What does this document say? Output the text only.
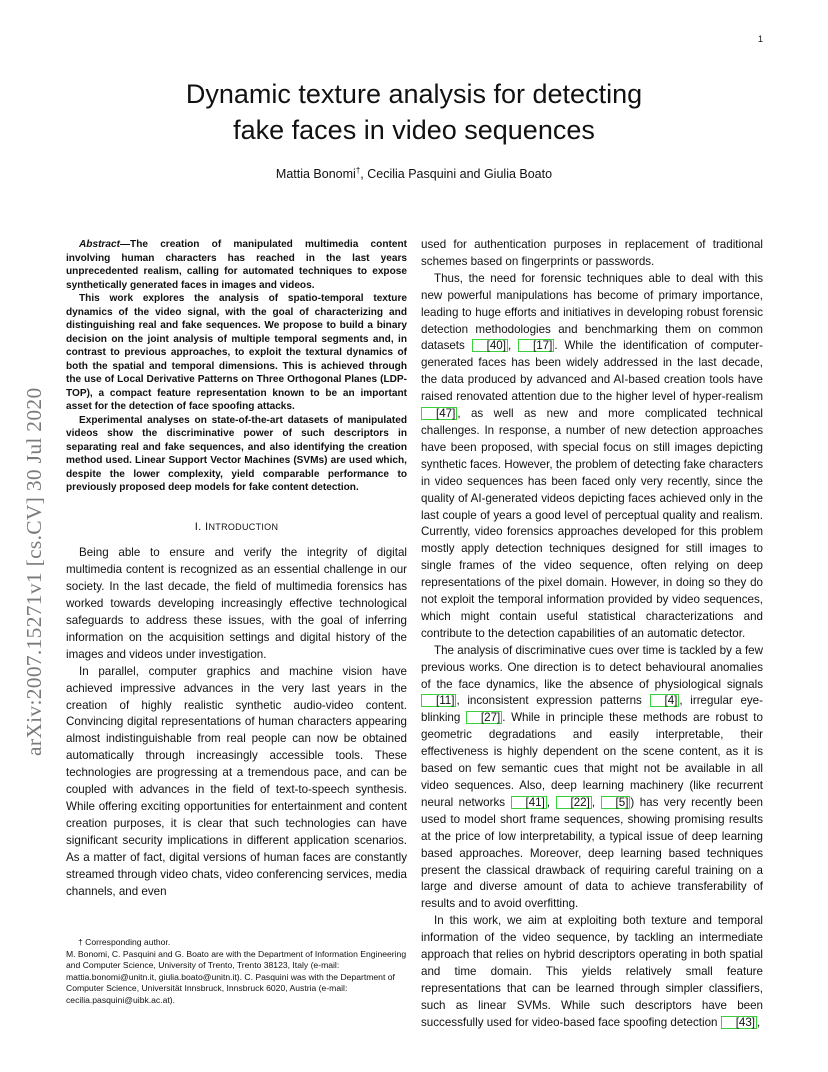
1
Dynamic texture analysis for detecting
fake faces in video sequences
Mattia Bonomi†, Cecilia Pasquini and Giulia Boato
arXiv:2007.15271v1 [cs.CV] 30 Jul 2020

Abstract—The creation of manipulated multimedia content involving human characters has reached in the last years unprecedented realism, calling for automated techniques to expose synthetically generated faces in images and videos.

This work explores the analysis of spatio-temporal texture dynamics of the video signal, with the goal of characterizing and distinguishing real and fake sequences. We propose to build a binary decision on the joint analysis of multiple temporal segments and, in contrast to previous approaches, to exploit the textural dynamics of both the spatial and temporal dimensions. This is achieved through the use of Local Derivative Patterns on Three Orthogonal Planes (LDP-TOP), a compact feature representation known to be an important asset for the detection of face spoofing attacks.

Experimental analyses on state-of-the-art datasets of manipulated videos show the discriminative power of such descriptors in separating real and fake sequences, and also identifying the creation method used. Linear Support Vector Machines (SVMs) are used which, despite the lower complexity, yield comparable performance to previously proposed deep models for fake content detection.

I. INTRODUCTION

Being able to ensure and verify the integrity of digital multimedia content is recognized as an essential challenge in our society. In the last decade, the field of multimedia forensics has worked towards developing increasingly effective technological safeguards to address these issues, with the goal of inferring information on the acquisition settings and digital history of the images and videos under investigation.

In parallel, computer graphics and machine vision have achieved impressive advances in the very last years in the creation of highly realistic synthetic audio-video content. Convincing digital representations of human characters appearing almost indistinguishable from real people can now be obtained automatically through increasingly accessible tools. These technologies are progressing at a tremendous pace, and can be coupled with advances in the field of text-to-speech synthesis. While offering exciting opportunities for entertainment and content creation purposes, it is clear that such technologies can have significant security implications in different application scenarios. As a matter of fact, digital versions of human faces are constantly streamed through video chats, video conferencing services, media channels, and even

† Corresponding author.

M. Bonomi, C. Pasquini and G. Boato are with the Department of Information Engineering and Computer Science, University of Trento, Trento 38123, Italy (e-mail: mattia.bonomi@unitn.it, giulia.boato@unitn.it). C. Pasquini was with the Department of Computer Science, Universität Innsbruck, Innsbruck 6020, Austria (e-mail: cecilia.pasquini@uibk.ac.at).

used for authentication purposes in replacement of traditional schemes based on fingerprints or passwords.

Thus, the need for forensic techniques able to deal with this new powerful manipulations has become of primary importance, leading to huge efforts and initiatives in developing robust forensic detection methodologies and benchmarking them on common datasets [40] , [17] . While the identification of computer-generated faces has been widely addressed in the last decade, the data produced by advanced and AI-based creation tools have raised renovated attention due to the higher level of hyper-realism [47] , as well as new and more complicated technical challenges. In response, a number of new detection approaches have been proposed, with special focus on still images depicting synthetic faces. However, the problem of detecting fake characters in video sequences has been faced only very recently, since the quality of AI-generated videos depicting faces achieved only in the last couple of years a good level of perceptual quality and realism. Currently, video forensics approaches developed for this problem mostly apply detection techniques designed for still images to single frames of the video sequence, often relying on deep representations of the pixel domain. However, in doing so they do not exploit the temporal information provided by video sequences, which might contain useful statistical characterizations and contribute to the detection capabilities of an automatic detector.

The analysis of discriminative cues over time is tackled by a few previous works. One direction is to detect behavioural anomalies of the face dynamics, like the absence of physiological signals [11] , inconsistent expression patterns [4] , irregular eye-blinking [27] . While in principle these methods are robust to geometric degradations and easily interpretable, their effectiveness is highly dependent on the scene content, as it is based on few semantic cues that might not be available in all video sequences. Also, deep learning machinery (like recurrent neural networks [41] , [22] , [5] ) has very recently been used to model short frame sequences, showing promising results at the price of low interpretability, a typical issue of deep learning based approaches. Moreover, deep learning based techniques present the classical drawback of requiring careful training on a large and diverse amount of data to achieve transferability of results and to avoid overfitting.

In this work, we aim at exploiting both texture and temporal information of the video sequence, by tackling an intermediate approach that relies on hybrid descriptors operating in both spatial and time domain. This yields relatively small feature representations that can be learned through simpler classifiers, such as linear SVMs. While such descriptors have been successfully used for video-based face spoofing detection [43] ,
